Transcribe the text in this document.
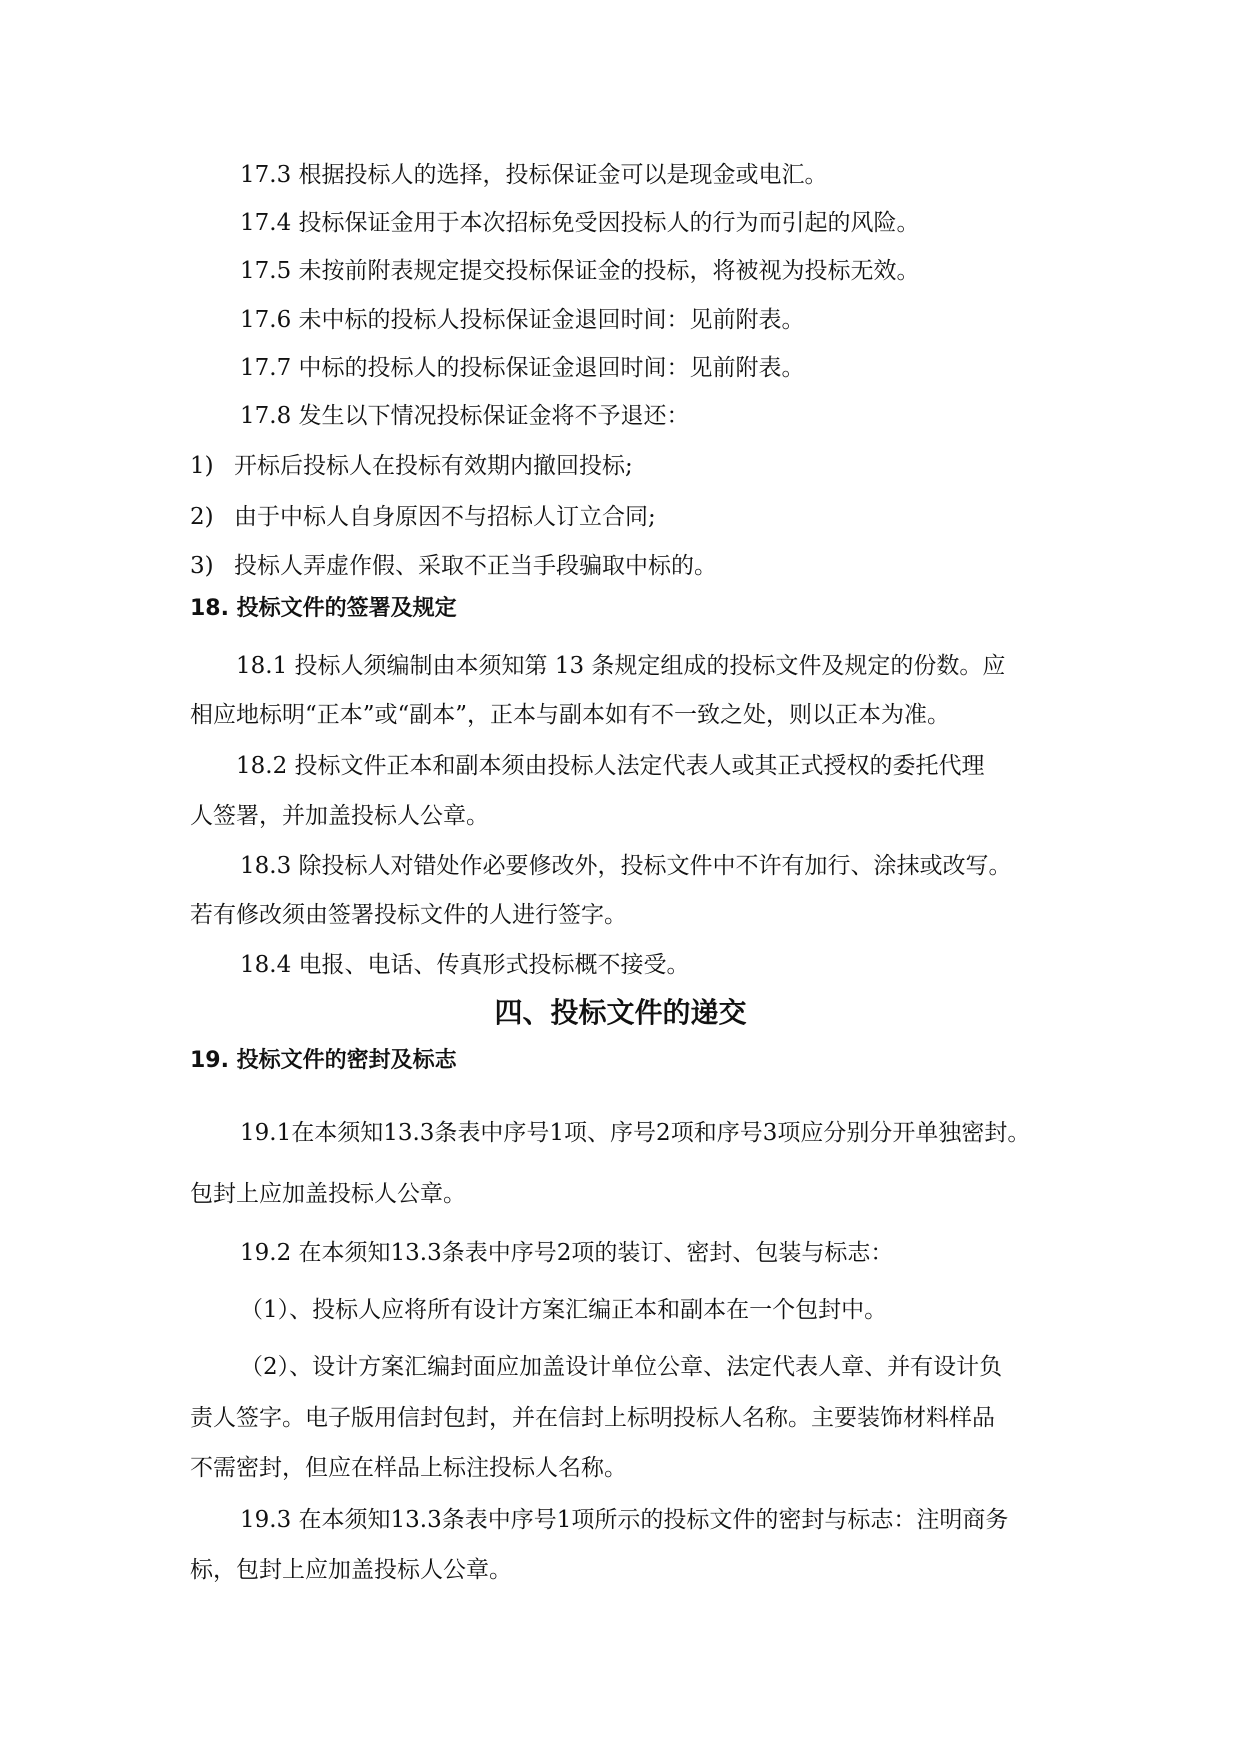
17.3 根据投标人的选择，投标保证金可以是现金或电汇。

17.4 投标保证金用于本次招标免受因投标人的行为而引起的风险。

17.5 未按前附表规定提交投标保证金的投标，将被视为投标无效。

17.6 未中标的投标人投标保证金退回时间：见前附表。

17.7 中标的投标人的投标保证金退回时间：见前附表。

17.8 发生以下情况投标保证金将不予退还：

1) 开标后投标人在投标有效期内撤回投标;
2) 由于中标人自身原因不与招标人订立合同;
3) 投标人弄虚作假、采取不正当手段骗取中标的。
18. 投标文件的签署及规定

18.1 投标人须编制由本须知第 13 条规定组成的投标文件及规定的份数。应

相应地标明“正本”或“副本”，正本与副本如有不一致之处，则以正本为准。

18.2 投标文件正本和副本须由投标人法定代表人或其正式授权的委托代理

人签署，并加盖投标人公章。

18.3 除投标人对错处作必要修改外，投标文件中不许有加行、涂抹或改写。

若有修改须由签署投标文件的人进行签字。

18.4 电报、电话、传真形式投标概不接受。

四、投标文件的递交
19. 投标文件的密封及标志

19.1在本须知13.3条表中序号1项、序号2项和序号3项应分别分开单独密封。

包封上应加盖投标人公章。

19.2 在本须知13.3条表中序号2项的装订、密封、包装与标志：

（1）、投标人应将所有设计方案汇编正本和副本在一个包封中。

（2）、设计方案汇编封面应加盖设计单位公章、法定代表人章、并有设计负

责人签字。电子版用信封包封，并在信封上标明投标人名称。主要装饰材料样品

不需密封，但应在样品上标注投标人名称。

19.3 在本须知13.3条表中序号1项所示的投标文件的密封与标志：注明商务

标，包封上应加盖投标人公章。
